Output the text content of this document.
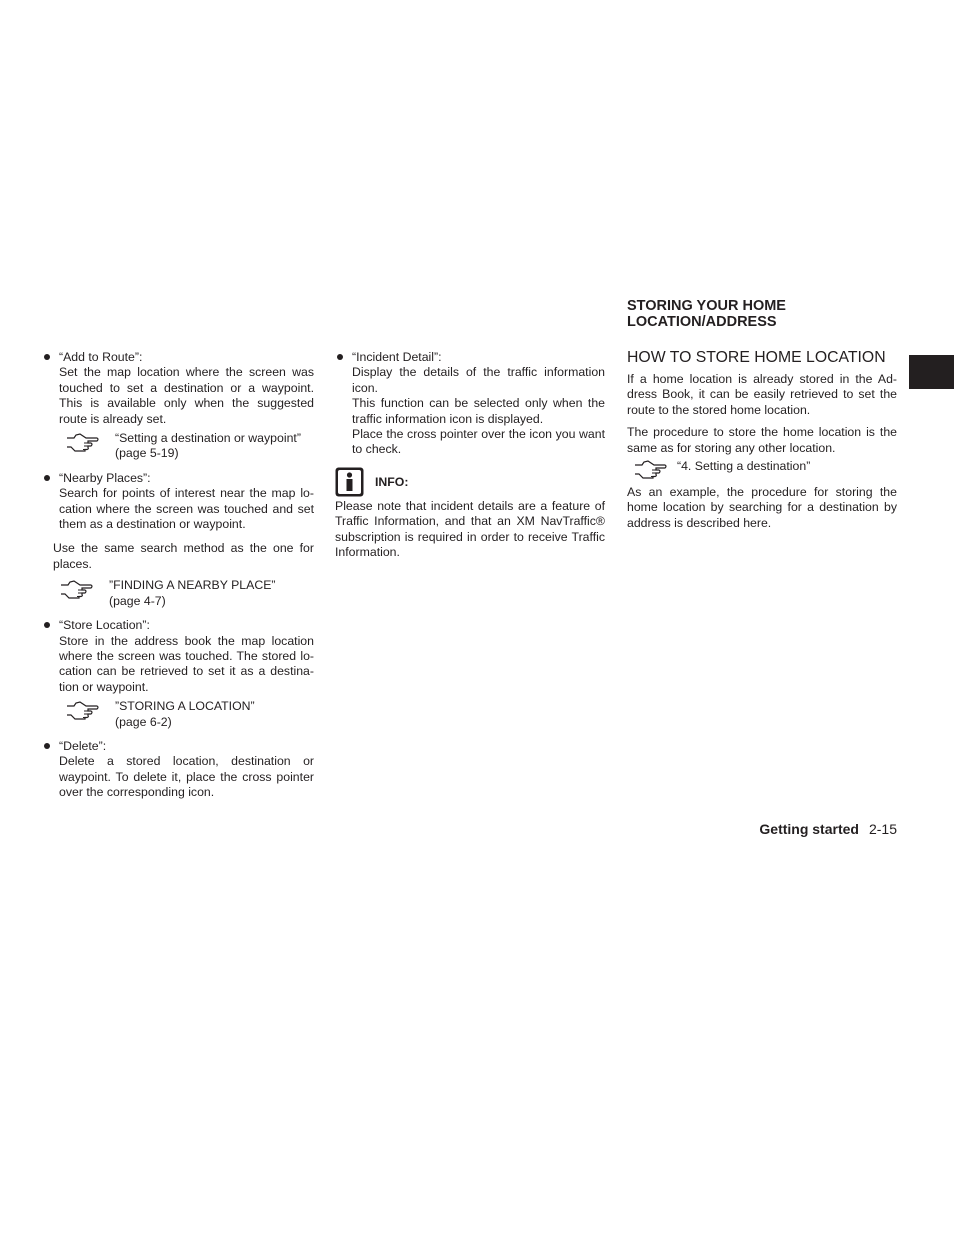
“Add to Route”:
Set the map location where the screen was touched to set a destination or a waypoint. This is available only when the suggested route is already set.
“Setting a destination or waypoint”
(page 5-19)
“Nearby Places”:
Search for points of interest near the map lo-cation where the screen was touched and set them as a destination or waypoint.
Use the same search method as the one for places.
”FINDING A NEARBY PLACE”
(page 4-7)
“Store Location”:
Store in the address book the map location where the screen was touched. The stored lo-cation can be retrieved to set it as a destina-tion or waypoint.
”STORING A LOCATION”
(page 6-2)
“Delete”:
Delete a stored location, destination or waypoint. To delete it, place the cross pointer over the corresponding icon.
“Incident Detail”:
Display the details of the traffic information icon.
This function can be selected only when the traffic information icon is displayed.
Place the cross pointer over the icon you want to check.
INFO:
Please note that incident details are a feature of Traffic Information, and that an XM NavTraffic® subscription is required in order to receive Traffic Information.
STORING YOUR HOME
LOCATION/ADDRESS
HOW TO STORE HOME LOCATION
If a home location is already stored in the Ad-dress Book, it can be easily retrieved to set the route to the stored home location.
The procedure to store the home location is the same as for storing any other location.
“4. Setting a destination”
As an example, the procedure for storing the home location by searching for a destination by address is described here.
Getting started 2-15
